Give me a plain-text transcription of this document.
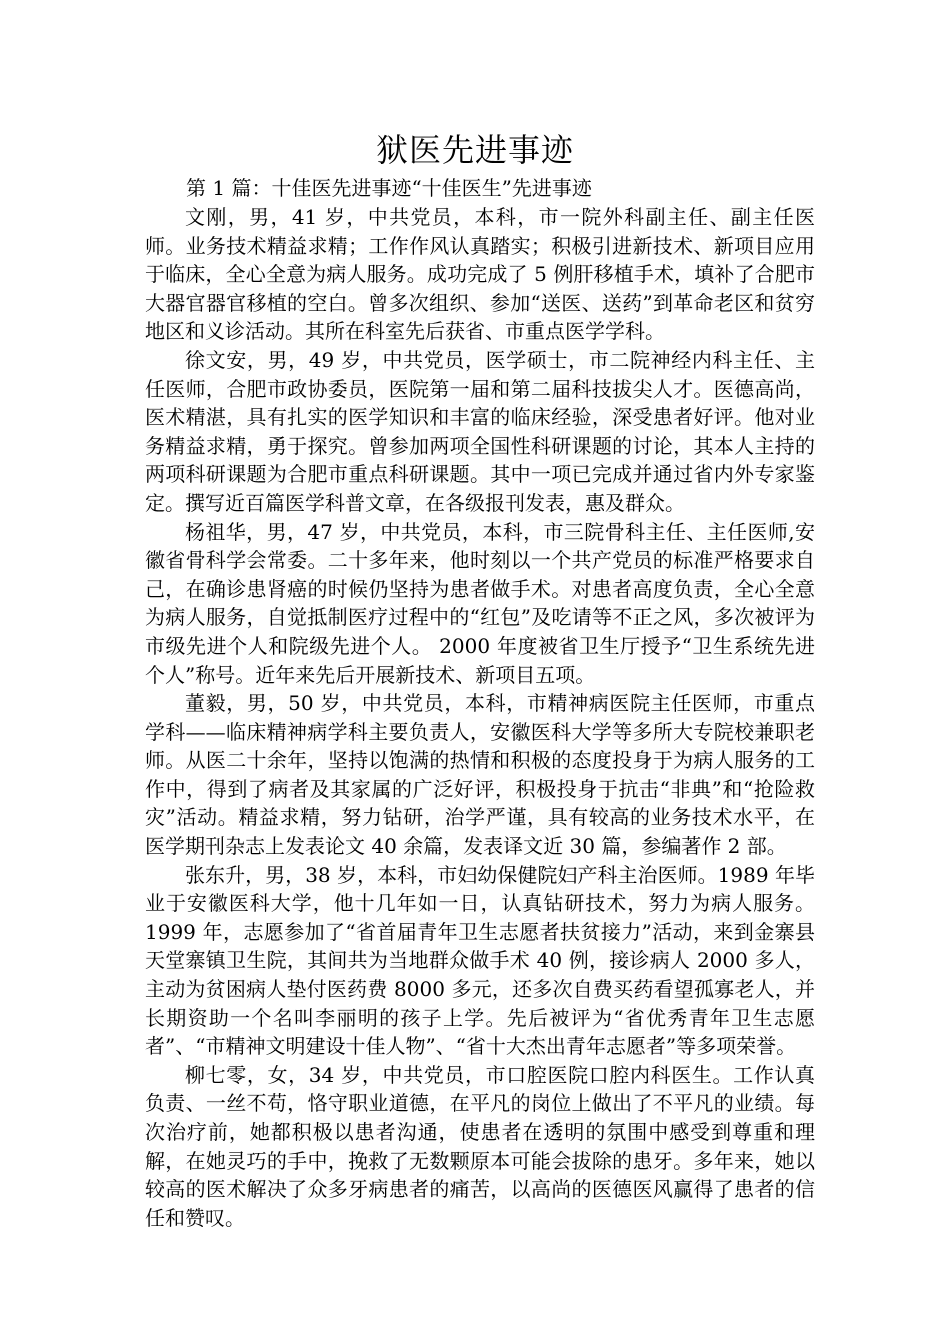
狱医先进事迹
第 1 篇：十佳医先进事迹“十佳医生”先进事迹

文刚，男，41 岁，中共党员，本科，市一院外科副主任、副主任医师。业务技术精益求精；工作作风认真踏实；积极引进新技术、新项目应用于临床，全心全意为病人服务。成功完成了 5 例肝移植手术，填补了合肥市大器官器官移植的空白。曾多次组织、参加“送医、送药”到革命老区和贫穷地区和义诊活动。其所在科室先后获省、市重点医学学科。

徐文安，男，49 岁，中共党员，医学硕士，市二院神经内科主任、主任医师，合肥市政协委员，医院第一届和第二届科技拔尖人才。医德高尚，医术精湛，具有扎实的医学知识和丰富的临床经验，深受患者好评。他对业务精益求精，勇于探究。曾参加两项全国性科研课题的讨论，其本人主持的两项科研课题为合肥市重点科研课题。其中一项已完成并通过省内外专家鉴定。撰写近百篇医学科普文章，在各级报刊发表，惠及群众。

杨祖华，男，47 岁，中共党员，本科，市三院骨科主任、主任医师,安徽省骨科学会常委。二十多年来，他时刻以一个共产党员的标准严格要求自己，在确诊患肾癌的时候仍坚持为患者做手术。对患者高度负责，全心全意为病人服务，自觉抵制医疗过程中的“红包”及吃请等不正之风，多次被评为市级先进个人和院级先进个人。 2000 年度被省卫生厅授予“卫生系统先进个人”称号。近年来先后开展新技术、新项目五项。

董毅，男，50 岁，中共党员，本科，市精神病医院主任医师，市重点学科——临床精神病学科主要负责人，安徽医科大学等多所大专院校兼职老师。从医二十余年，坚持以饱满的热情和积极的态度投身于为病人服务的工作中，得到了病者及其家属的广泛好评，积极投身于抗击“非典”和“抢险救灾”活动。精益求精，努力钻研，治学严谨，具有较高的业务技术水平，在医学期刊杂志上发表论文 40 余篇，发表译文近 30 篇，参编著作 2 部。

张东升，男，38 岁，本科，市妇幼保健院妇产科主治医师。1989 年毕业于安徽医科大学，他十几年如一日，认真钻研技术，努力为病人服务。1999 年，志愿参加了“省首届青年卫生志愿者扶贫接力”活动，来到金寨县天堂寨镇卫生院，其间共为当地群众做手术 40 例，接诊病人 2000 多人，主动为贫困病人垫付医药费 8000 多元，还多次自费买药看望孤寡老人，并长期资助一个名叫李丽明的孩子上学。先后被评为“省优秀青年卫生志愿者”、“市精神文明建设十佳人物”、“省十大杰出青年志愿者”等多项荣誉。

柳七零，女，34 岁，中共党员，市口腔医院口腔内科医生。工作认真负责、一丝不苟，恪守职业道德，在平凡的岗位上做出了不平凡的业绩。每次治疗前，她都积极以患者沟通，使患者在透明的氛围中感受到尊重和理解，在她灵巧的手中，挽救了无数颗原本可能会拔除的患牙。多年来，她以较高的医术解决了众多牙病患者的痛苦，以高尚的医德医风赢得了患者的信任和赞叹。
